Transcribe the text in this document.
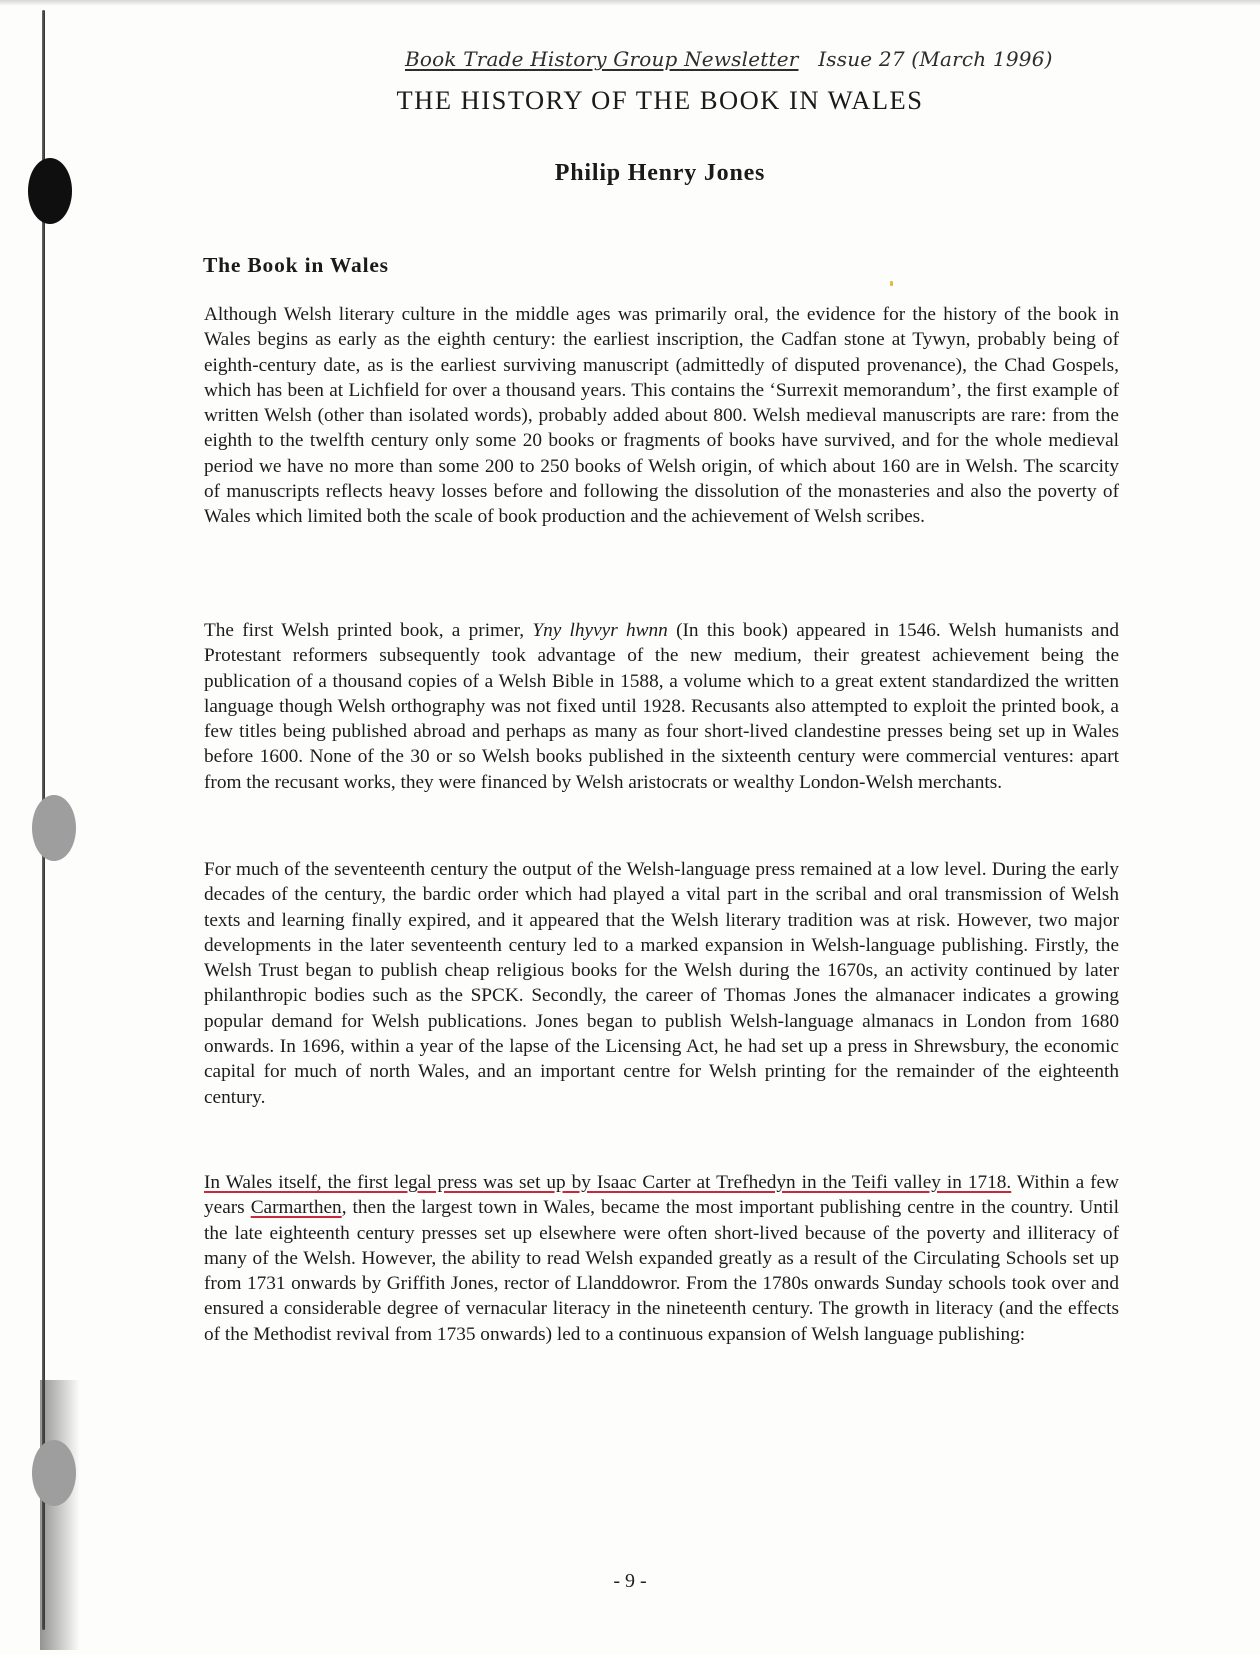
Book Trade History Group Newsletter Issue 27 (March 1996)
THE HISTORY OF THE BOOK IN WALES
Philip Henry Jones
The Book in Wales

Although Welsh literary culture in the middle ages was primarily oral, the evidence for the history of the book in Wales begins as early as the eighth century: the earliest inscription, the Cadfan stone at Tywyn, probably being of eighth-century date, as is the earliest surviving manuscript (admittedly of disputed provenance), the Chad Gospels, which has been at Lichfield for over a thousand years. This contains the ‘Surrexit memorandum’, the first example of written Welsh (other than isolated words), probably added about 800. Welsh medieval manuscripts are rare: from the eighth to the twelfth century only some 20 books or fragments of books have survived, and for the whole medieval period we have no more than some 200 to 250 books of Welsh origin, of which about 160 are in Welsh. The scarcity of manuscripts reflects heavy losses before and following the dissolution of the monasteries and also the poverty of Wales which limited both the scale of book production and the achievement of Welsh scribes.

The first Welsh printed book, a primer, Yny lhyvyr hwnn (In this book) appeared in 1546. Welsh humanists and Protestant reformers subsequently took advantage of the new medium, their greatest achievement being the publication of a thousand copies of a Welsh Bible in 1588, a volume which to a great extent standardized the written language though Welsh orthography was not fixed until 1928. Recusants also attempted to exploit the printed book, a few titles being published abroad and perhaps as many as four short-lived clandestine presses being set up in Wales before 1600. None of the 30 or so Welsh books published in the sixteenth century were commercial ventures: apart from the recusant works, they were financed by Welsh aristocrats or wealthy London-Welsh merchants.

For much of the seventeenth century the output of the Welsh-language press remained at a low level. During the early decades of the century, the bardic order which had played a vital part in the scribal and oral transmission of Welsh texts and learning finally expired, and it appeared that the Welsh literary tradition was at risk. However, two major developments in the later seventeenth century led to a marked expansion in Welsh-language publishing. Firstly, the Welsh Trust began to publish cheap religious books for the Welsh during the 1670s, an activity continued by later philanthropic bodies such as the SPCK. Secondly, the career of Thomas Jones the almanacer indicates a growing popular demand for Welsh publications. Jones began to publish Welsh-language almanacs in London from 1680 onwards. In 1696, within a year of the lapse of the Licensing Act, he had set up a press in Shrewsbury, the economic capital for much of north Wales, and an important centre for Welsh printing for the remainder of the eighteenth century.

In Wales itself, the first legal press was set up by Isaac Carter at Trefhedyn in the Teifi valley in 1718. Within a few years Carmarthen, then the largest town in Wales, became the most important publishing centre in the country. Until the late eighteenth century presses set up elsewhere were often short-lived because of the poverty and illiteracy of many of the Welsh. However, the ability to read Welsh expanded greatly as a result of the Circulating Schools set up from 1731 onwards by Griffith Jones, rector of Llanddowror. From the 1780s onwards Sunday schools took over and ensured a considerable degree of vernacular literacy in the nineteenth century. The growth in literacy (and the effects of the Methodist revival from 1735 onwards) led to a continuous expansion of Welsh language publishing:

- 9 -
